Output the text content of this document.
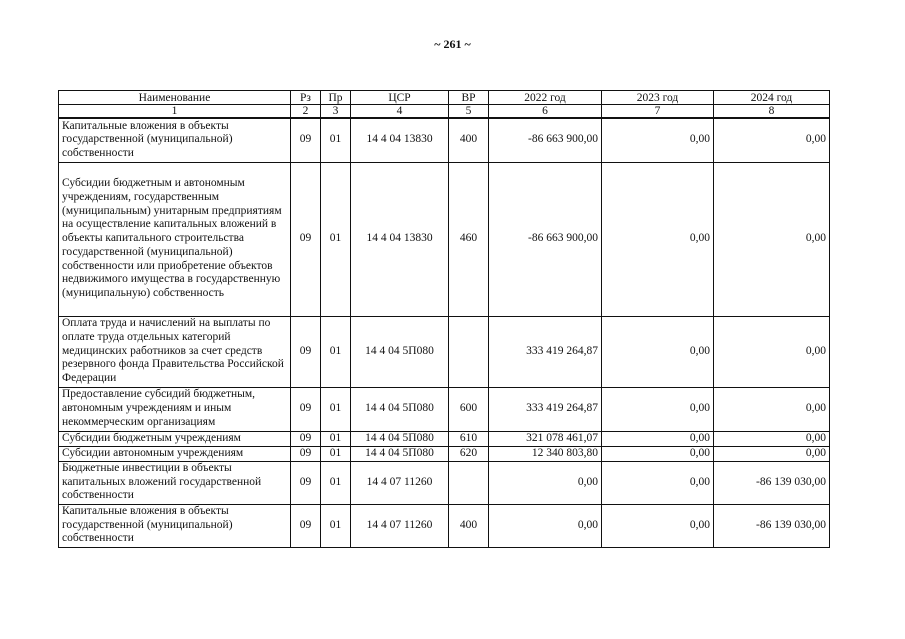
~ 261 ~
Наименование	Рз	Пр	ЦСР	ВР	2022 год	2023 год	2024 год
1	2	3	4	5	6	7	8
Капитальные вложения в объекты государственной (муниципальной) собственности	09	01	14 4 04 13830	400	-86 663 900,00	0,00	0,00
Субсидии бюджетным и автономным учреждениям, государственным (муниципальным) унитарным предприятиям на осуществление капитальных вложений в объекты капитального строительства государственной (муниципальной) собственности или приобретение объектов недвижимого имущества в государственную (муниципальную) собственность	09	01	14 4 04 13830	460	-86 663 900,00	0,00	0,00
Оплата труда и начислений на выплаты по оплате труда отдельных категорий медицинских работников за счет средств резервного фонда Правительства Российской Федерации	09	01	14 4 04 5П080		333 419 264,87	0,00	0,00
Предоставление субсидий бюджетным, автономным учреждениям и иным некоммерческим организациям	09	01	14 4 04 5П080	600	333 419 264,87	0,00	0,00
Субсидии бюджетным учреждениям	09	01	14 4 04 5П080	610	321 078 461,07	0,00	0,00
Субсидии автономным учреждениям	09	01	14 4 04 5П080	620	12 340 803,80	0,00	0,00
Бюджетные инвестиции в объекты капитальных вложений государственной собственности	09	01	14 4 07 11260		0,00	0,00	-86 139 030,00
Капитальные вложения в объекты государственной (муниципальной) собственности	09	01	14 4 07 11260	400	0,00	0,00	-86 139 030,00
